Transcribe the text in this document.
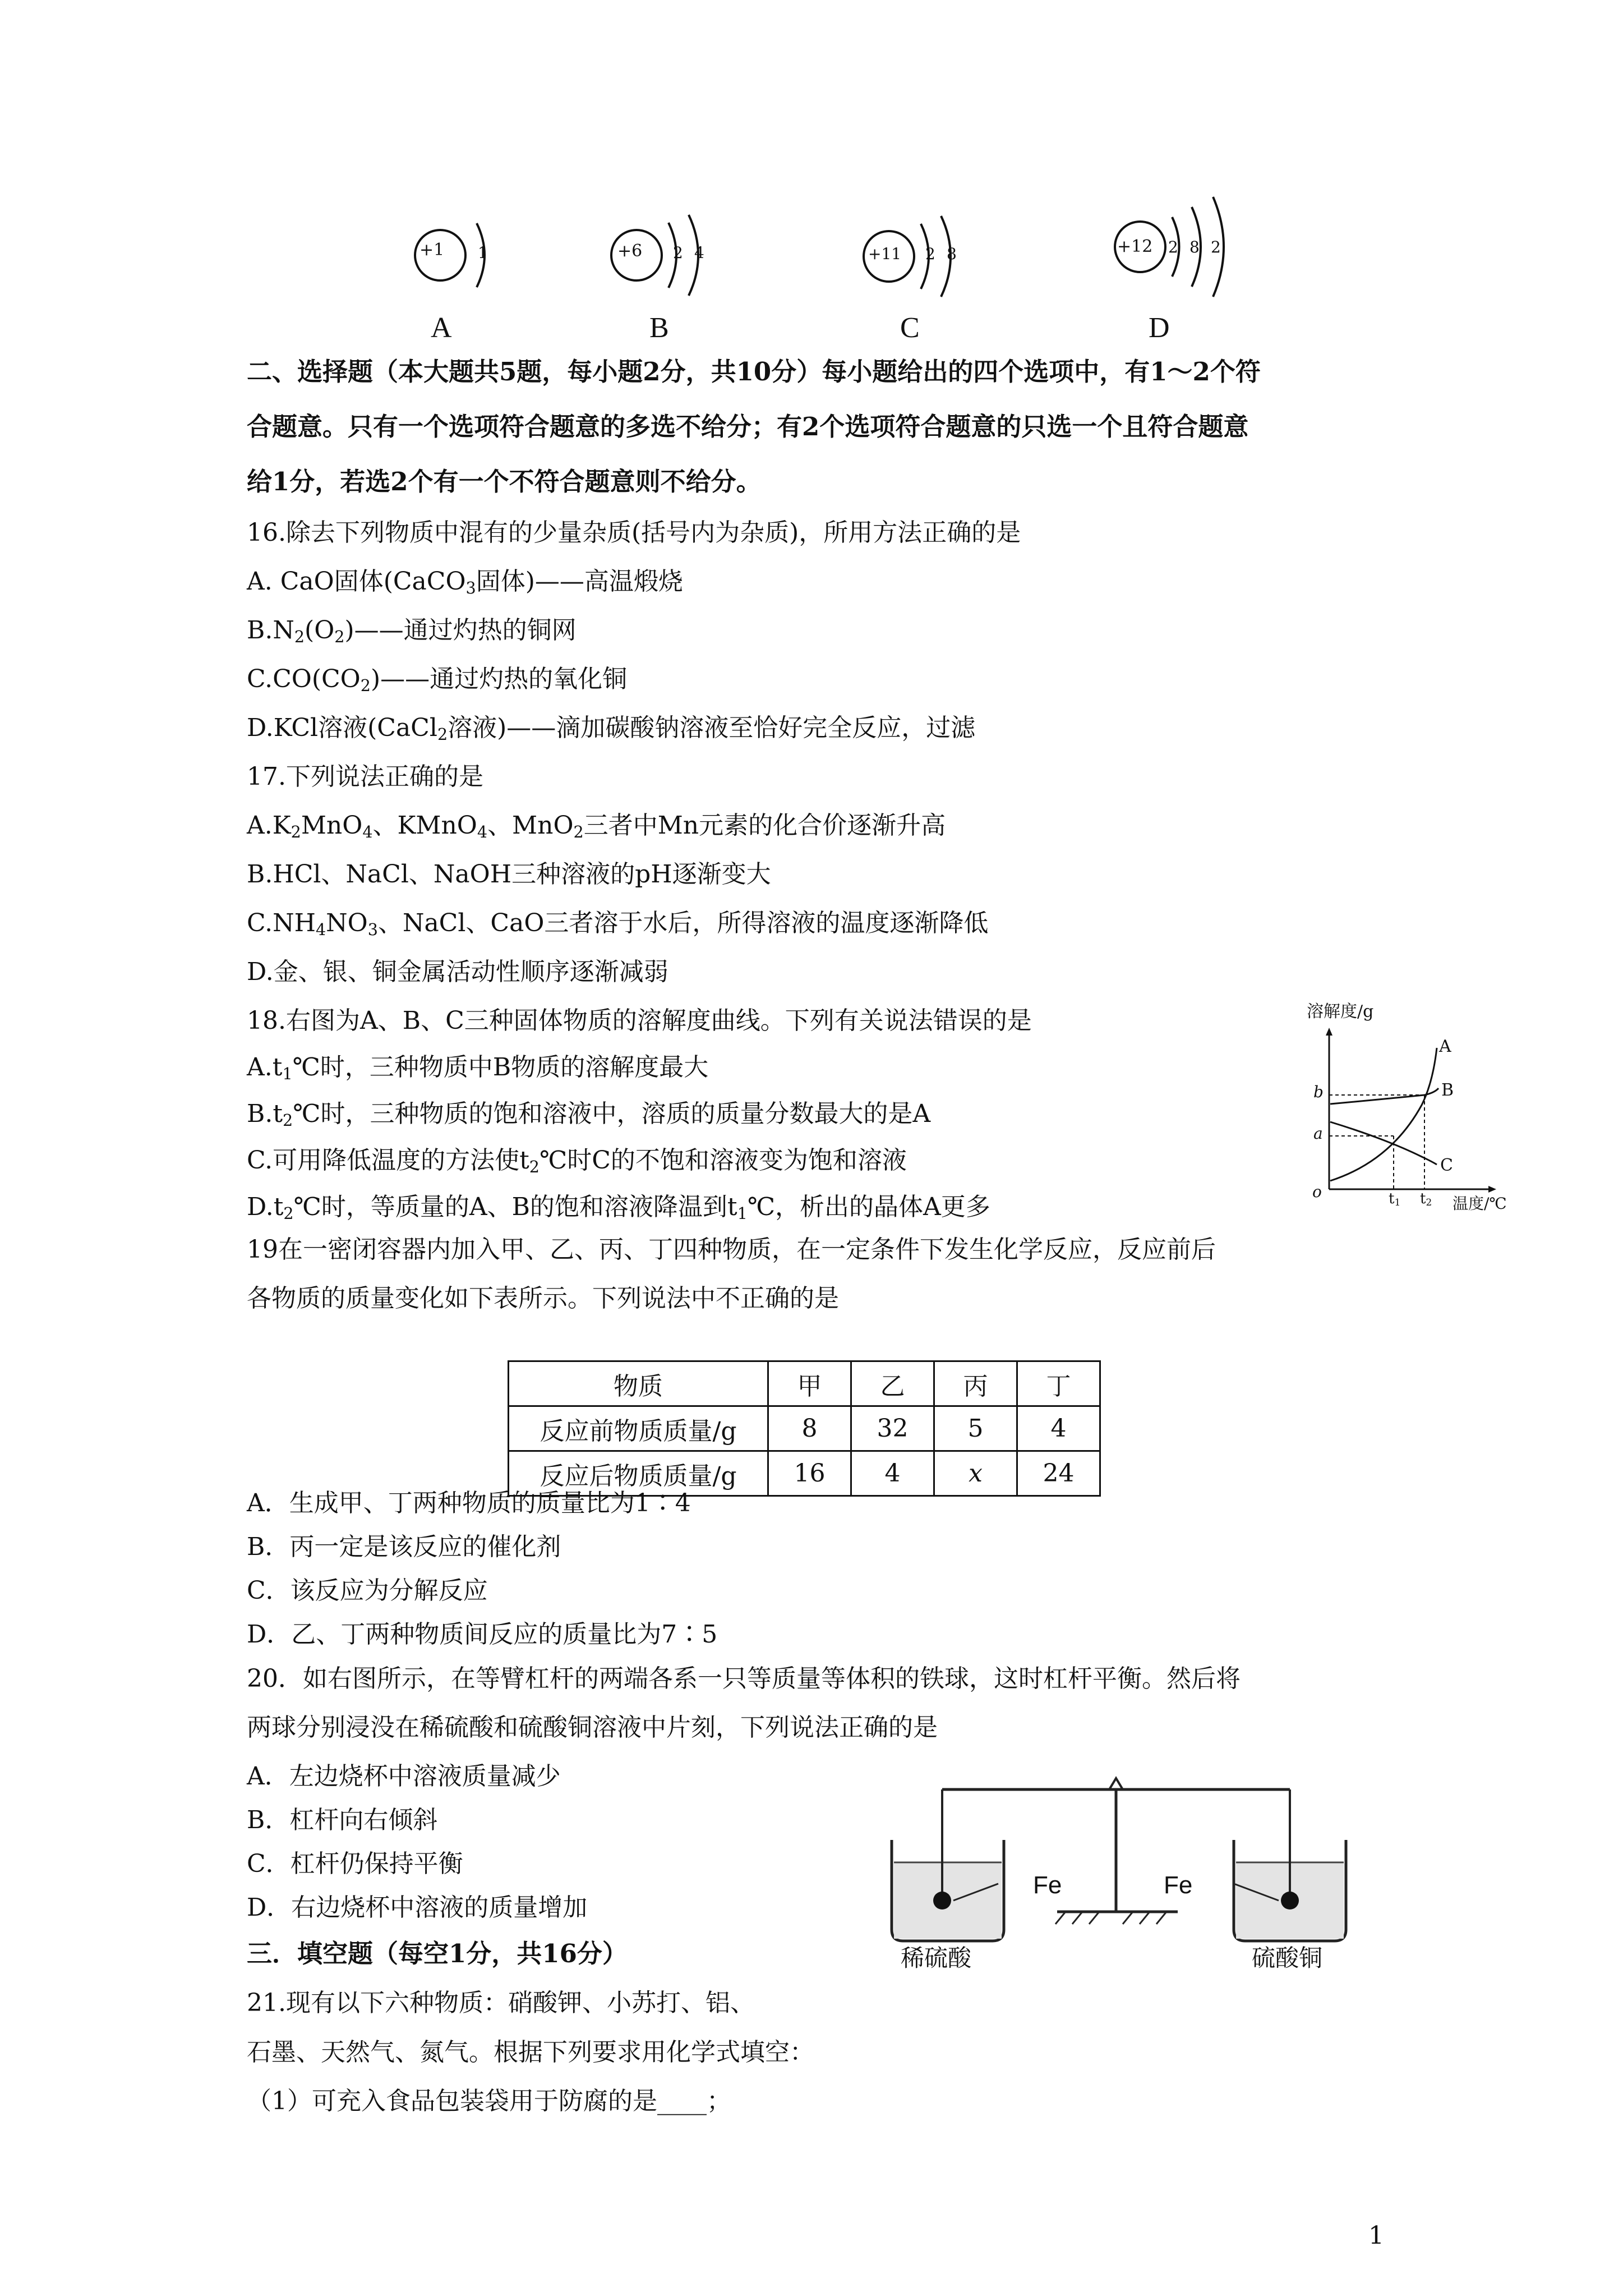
+1 1
A
+6 2 4
B
+11 2 8
C
+12 2 8 2
D
二、选择题（本大题共5题，每小题2分，共10分）每小题给出的四个选项中，有1～2个符
合题意。只有一个选项符合题意的多选不给分；有2个选项符合题意的只选一个且符合题意
给1分，若选2个有一个不符合题意则不给分。
16.除去下列物质中混有的少量杂质(括号内为杂质)，所用方法正确的是
A. CaO固体(CaCO$_3$固体)——高温煅烧
$B.N_2(O_2)——$通过灼热的铜网
$C.CO(CO_2)——$通过灼热的氧化铜
D.KCl溶液(CaCl$_2$溶液)——滴加碳酸钠溶液至恰好完全反应，过滤
17.下列说法正确的是
$A.K_2MnO_4$、KMnO$_4$、MnO$_2$三者中Mn元素的化合价逐渐升高
B.HCl、NaCl、NaOH三种溶液的pH逐渐变大
$C.NH_4NO_3$、NaCl、CaO三者溶于水后，所得溶液的温度逐渐降低
D.金、银、铜金属活动性顺序逐渐减弱
18.右图为A、B、C三种固体物质的溶解度曲线。下列有关说法错误的是
$A.t_1℃$时，三种物质中B物质的溶解度最大
$B.t_2℃$时，三种物质的饱和溶液中，溶质的质量分数最大的是A
C.可用降低温度的方法使$t_2℃$时C的不饱和溶液变为饱和溶液
$D.t_2℃$时，等质量的A、B的饱和溶液降温到$t_1℃$，析出的晶体A更多
溶解度/g
温度/℃
o
b
a
$t_1$ $t_2$
A
B
C
19在一密闭容器内加入甲、乙、丙、丁四种物质，在一定条件下发生化学反应，反应前后
各物质的质量变化如下表所示。下列说法中不正确的是
物质	甲	乙	丙	丁
反应前物质质量/g	8	32	5	4
反应后物质质量/g	16	4	x	24
A．生成甲、丁两种物质的质量比为1∶4
B．丙一定是该反应的催化剂
C．该反应为分解反应
D．乙、丁两种物质间反应的质量比为7∶5
20．如右图所示，在等臂杠杆的两端各系一只等质量等体积的铁球，这时杠杆平衡。然后将
两球分别浸没在稀硫酸和硫酸铜溶液中片刻，下列说法正确的是
A．左边烧杯中溶液质量减少
B．杠杆向右倾斜
C．杠杆仍保持平衡
D．右边烧杯中溶液的质量增加
Fe	Fe
稀硫酸	硫酸铜
三．填空题（每空1分，共16分）
21.现有以下六种物质：硝酸钾、小苏打、铝、
石墨、天然气、氮气。根据下列要求用化学式填空：
（1）可充入食品包装袋用于防腐的是____；
1
